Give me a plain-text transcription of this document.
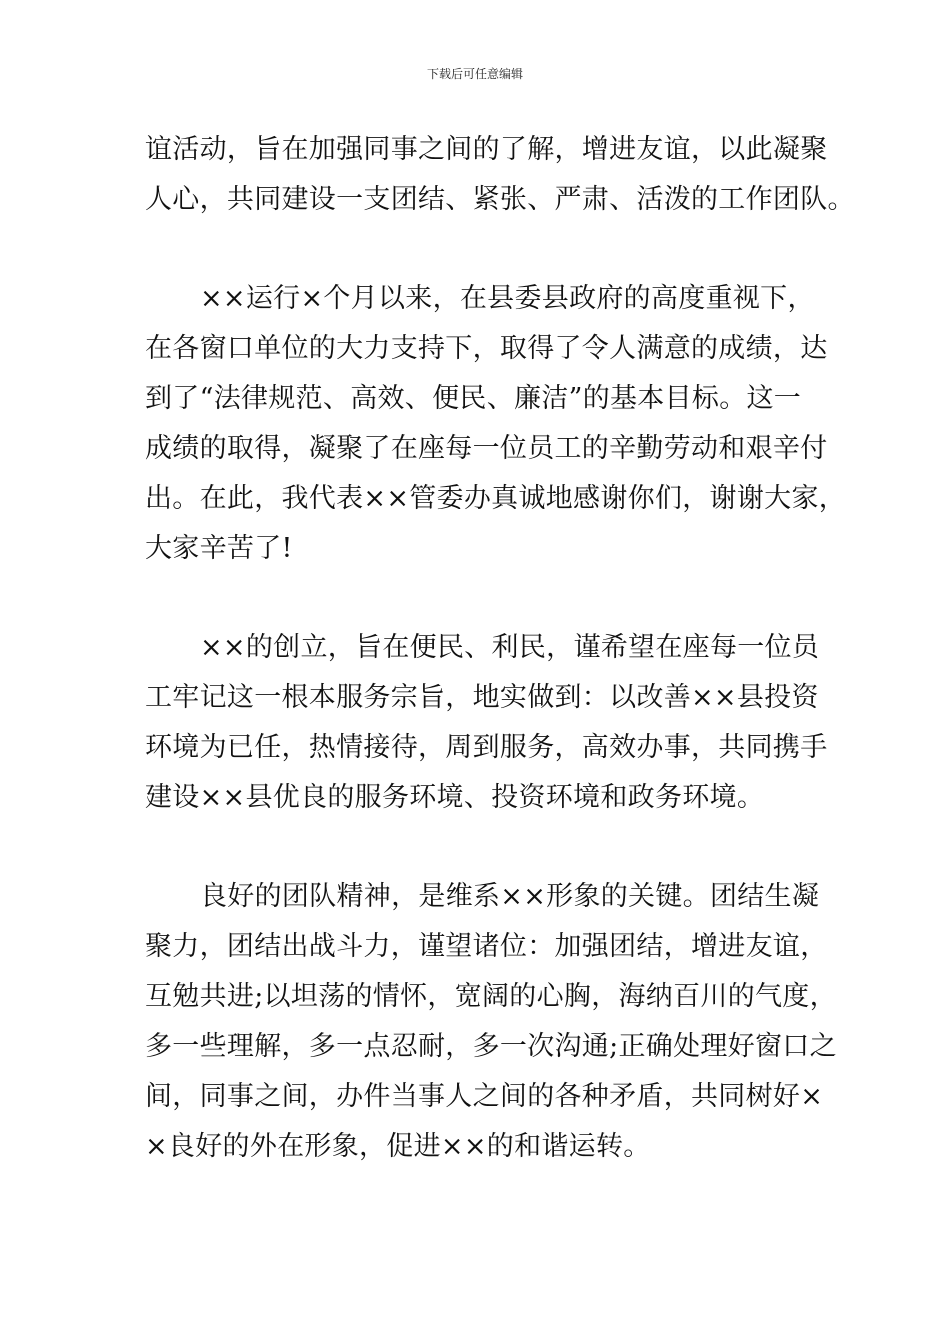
下载后可任意编辑
谊活动，旨在加强同事之间的了解，增进友谊，以此凝聚
人心，共同建设一支团结、紧张、严肃、活泼的工作团队。
××运行×个月以来，在县委县政府的高度重视下，
在各窗口单位的大力支持下，取得了令人满意的成绩，达
到了“法律规范、高效、便民、廉洁”的基本目标。这一
成绩的取得，凝聚了在座每一位员工的辛勤劳动和艰辛付
出。在此，我代表××管委办真诚地感谢你们，谢谢大家，
大家辛苦了!
××的创立，旨在便民、利民，谨希望在座每一位员
工牢记这一根本服务宗旨，地实做到：以改善××县投资
环境为已任，热情接待，周到服务，高效办事，共同携手
建设××县优良的服务环境、投资环境和政务环境。
良好的团队精神，是维系××形象的关键。团结生凝
聚力，团结出战斗力，谨望诸位：加强团结，增进友谊，
互勉共进;以坦荡的情怀，宽阔的心胸，海纳百川的气度，
多一些理解，多一点忍耐，多一次沟通;正确处理好窗口之
间，同事之间，办件当事人之间的各种矛盾，共同树好×
×良好的外在形象，促进××的和谐运转。
